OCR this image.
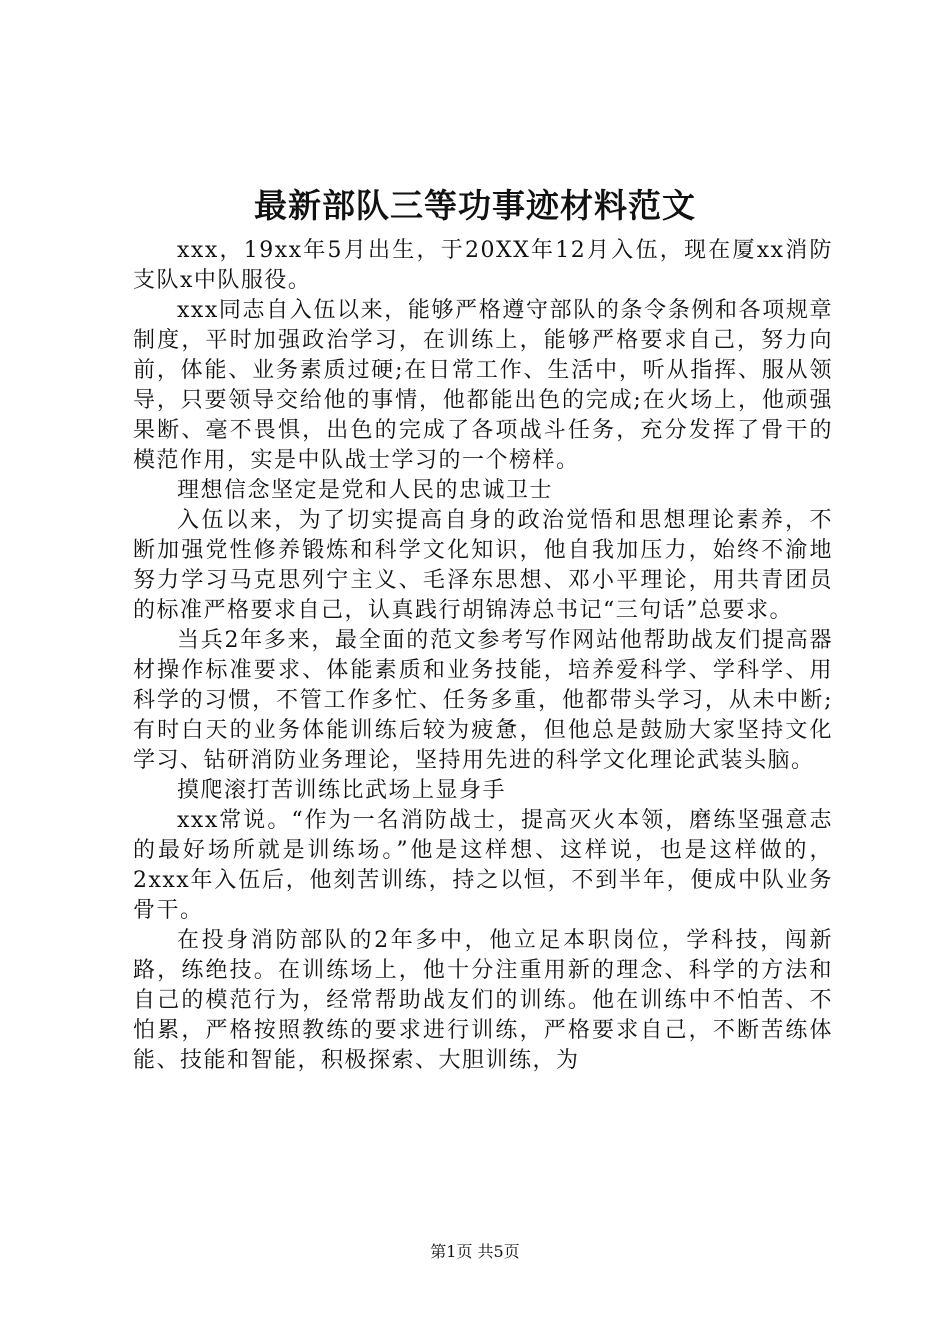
最新部队三等功事迹材料范文

xxx，19xx年5月出生，于20XX年12月入伍，现在厦xx消防支队x中队服役。

xxx同志自入伍以来，能够严格遵守部队的条令条例和各项规章制度，平时加强政治学习，在训练上，能够严格要求自己，努力向前，体能、业务素质过硬;在日常工作、生活中，听从指挥、服从领导，只要领导交给他的事情，他都能出色的完成;在火场上，他顽强果断、毫不畏惧，出色的完成了各项战斗任务，充分发挥了骨干的模范作用，实是中队战士学习的一个榜样。

理想信念坚定是党和人民的忠诚卫士

入伍以来，为了切实提高自身的政治觉悟和思想理论素养，不断加强党性修养锻炼和科学文化知识，他自我加压力，始终不渝地努力学习马克思列宁主义、毛泽东思想、邓小平理论，用共青团员的标准严格要求自己，认真践行胡锦涛总书记“三句话”总要求。

当兵2年多来，最全面的范文参考写作网站他帮助战友们提高器材操作标准要求、体能素质和业务技能，培养爱科学、学科学、用科学的习惯，不管工作多忙、任务多重，他都带头学习，从未中断;有时白天的业务体能训练后较为疲惫，但他总是鼓励大家坚持文化学习、钻研消防业务理论，坚持用先进的科学文化理论武装头脑。

摸爬滚打苦训练比武场上显身手

xxx常说。“作为一名消防战士，提高灭火本领，磨练坚强意志的最好场所就是训练场。”他是这样想、这样说，也是这样做的，2xxx年入伍后，他刻苦训练，持之以恒，不到半年，便成中队业务骨干。

在投身消防部队的2年多中，他立足本职岗位，学科技，闯新路，练绝技。在训练场上，他十分注重用新的理念、科学的方法和自己的模范行为，经常帮助战友们的训练。他在训练中不怕苦、不怕累，严格按照教练的要求进行训练，严格要求自己，不断苦练体能、技能和智能，积极探索、大胆训练，为

第1页 共5页
